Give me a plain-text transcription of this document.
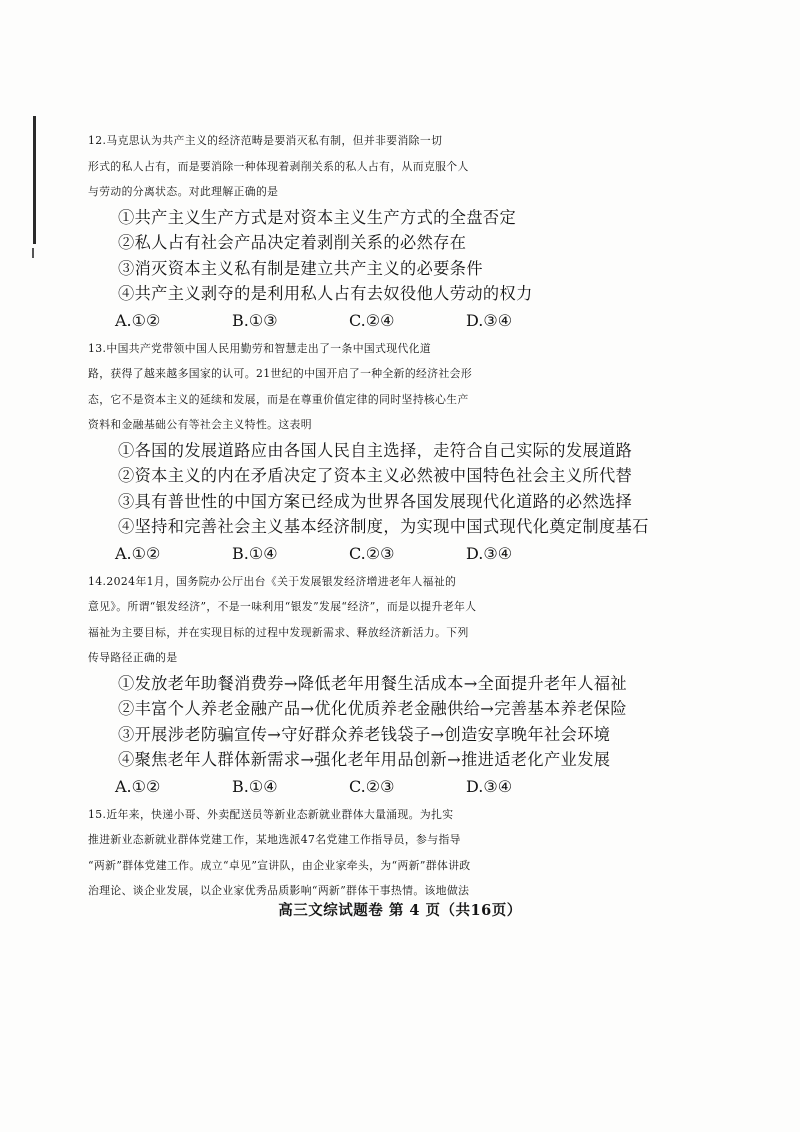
12.马克思认为共产主义的经济范畴是要消灭私有制，但并非要消除一切
形式的私人占有，而是要消除一种体现着剥削关系的私人占有，从而克服个人
与劳动的分离状态。对此理解正确的是
①共产主义生产方式是对资本主义生产方式的全盘否定
②私人占有社会产品决定着剥削关系的必然存在
③消灭资本主义私有制是建立共产主义的必要条件
④共产主义剥夺的是利用私人占有去奴役他人劳动的权力
A.①②	B.①③	C.②④	D.③④
13.中国共产党带领中国人民用勤劳和智慧走出了一条中国式现代化道
路，获得了越来越多国家的认可。21世纪的中国开启了一种全新的经济社会形
态，它不是资本主义的延续和发展，而是在尊重价值定律的同时坚持核心生产
资料和金融基础公有等社会主义特性。这表明
①各国的发展道路应由各国人民自主选择，走符合自己实际的发展道路
②资本主义的内在矛盾决定了资本主义必然被中国特色社会主义所代替
③具有普世性的中国方案已经成为世界各国发展现代化道路的必然选择
④坚持和完善社会主义基本经济制度，为实现中国式现代化奠定制度基石
A.①②	B.①④	C.②③	D.③④
14.2024年1月，国务院办公厅出台《关于发展银发经济增进老年人福祉的
意见》。所谓“银发经济”，不是一味利用“银发”发展“经济”，而是以提升老年人
福祉为主要目标，并在实现目标的过程中发现新需求、释放经济新活力。下列
传导路径正确的是
①发放老年助餐消费券→降低老年用餐生活成本→全面提升老年人福祉
②丰富个人养老金融产品→优化优质养老金融供给→完善基本养老保险
③开展涉老防骗宣传→守好群众养老钱袋子→创造安享晚年社会环境
④聚焦老年人群体新需求→强化老年用品创新→推进适老化产业发展
A.①②	B.①④	C.②③	D.③④
15.近年来，快递小哥、外卖配送员等新业态新就业群体大量涌现。为扎实
推进新业态新就业群体党建工作，某地选派47名党建工作指导员，参与指导
“两新”群体党建工作。成立“卓见”宣讲队，由企业家牵头，为“两新”群体讲政
治理论、谈企业发展，以企业家优秀品质影响“两新”群体干事热情。该地做法
高三文综试题卷 第 4 页（共16页）
